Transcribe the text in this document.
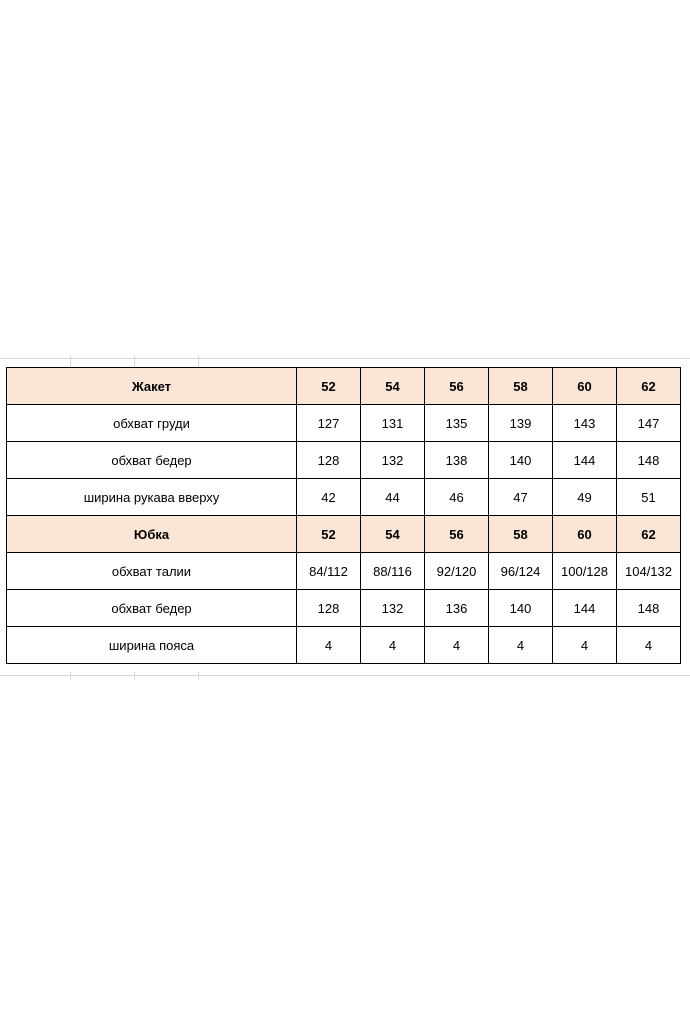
Жакет	52	54	56	58	60	62
обхват груди	127	131	135	139	143	147
обхват бедер	128	132	138	140	144	148
ширина рукава вверху	42	44	46	47	49	51
Юбка	52	54	56	58	60	62
обхват талии	84/112	88/116	92/120	96/124	100/128	104/132
обхват бедер	128	132	136	140	144	148
ширина пояса	4	4	4	4	4	4
